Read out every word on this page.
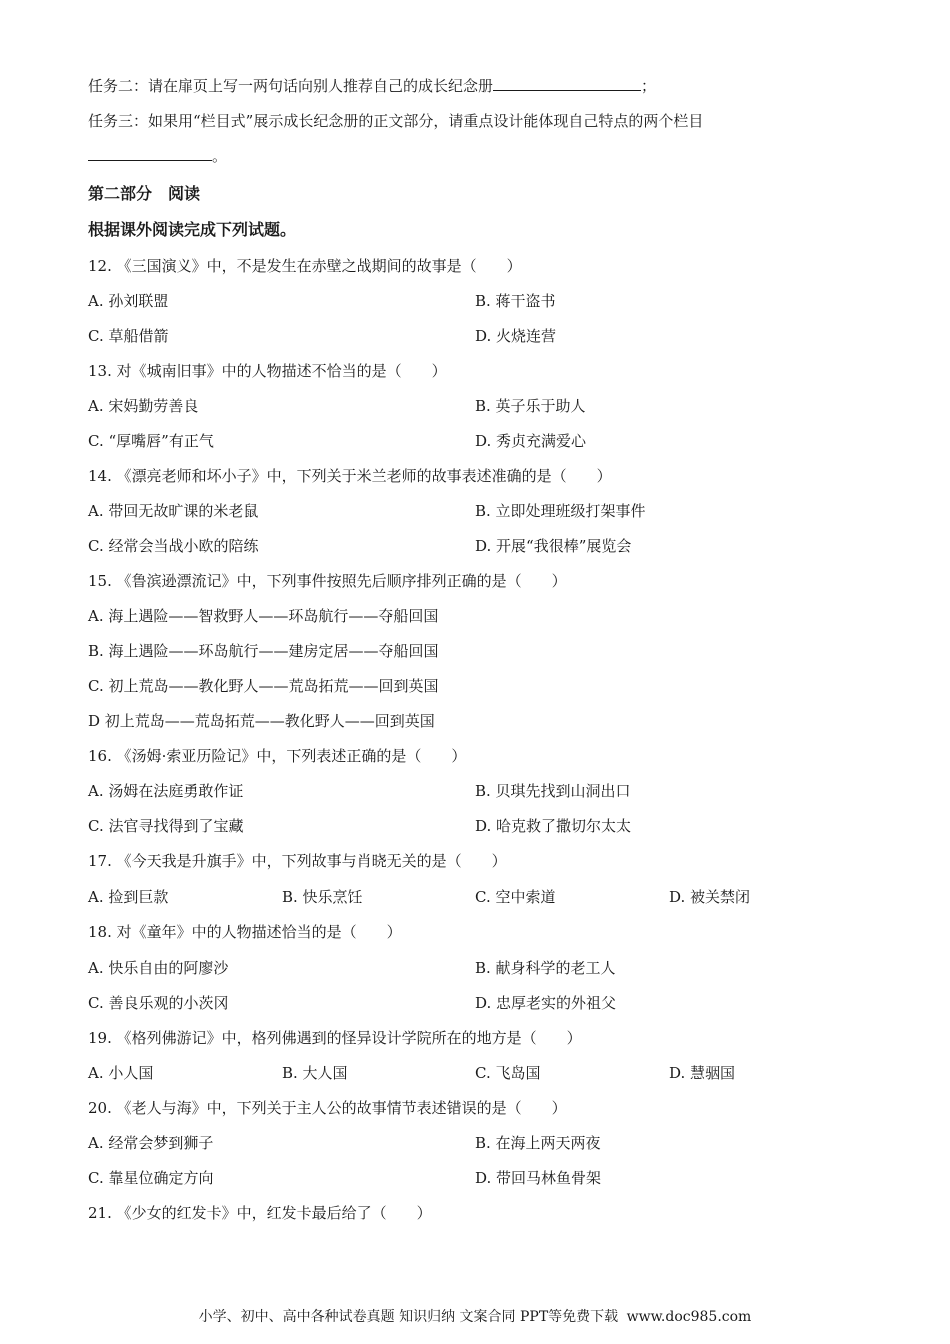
任务二：请在扉页上写一两句话向别人推荐自己的成长纪念册	；
任务三：如果用“栏目式”展示成长纪念册的正文部分，请重点设计能体现自己特点的两个栏目
。
第二部分　阅读
根据课外阅读完成下列试题。
12. 《三国演义》中，不是发生在赤壁之战期间的故事是（　　）
A. 孙刘联盟	B. 蒋干盗书
C. 草船借箭	D. 火烧连营
13. 对《城南旧事》中的人物描述不恰当的是（　　）
A. 宋妈勤劳善良	B. 英子乐于助人
C. “厚嘴唇”有正气	D. 秀贞充满爱心
14. 《漂亮老师和坏小子》中，下列关于米兰老师的故事表述准确的是（　　）
A. 带回无故旷课的米老鼠	B. 立即处理班级打架事件
C. 经常会当战小欧的陪练	D. 开展“我很棒”展览会
15. 《鲁滨逊漂流记》中，下列事件按照先后顺序排列正确的是（　　）
A. 海上遇险——智救野人——环岛航行——夺船回国
B. 海上遇险——环岛航行——建房定居——夺船回国
C. 初上荒岛——教化野人——荒岛拓荒——回到英国
D 初上荒岛——荒岛拓荒——教化野人——回到英国
16. 《汤姆·索亚历险记》中，下列表述正确的是（　　）
A. 汤姆在法庭勇敢作证	B. 贝琪先找到山洞出口
C. 法官寻找得到了宝藏	D. 哈克救了撒切尔太太
17. 《今天我是升旗手》中，下列故事与肖晓无关的是（　　）
A. 捡到巨款	B. 快乐烹饪	C. 空中索道	D. 被关禁闭
18. 对《童年》中的人物描述恰当的是（　　）
A. 快乐自由的阿廖沙	B. 献身科学的老工人
C. 善良乐观的小茨冈	D. 忠厚老实的外祖父
19. 《格列佛游记》中，格列佛遇到的怪异设计学院所在的地方是（　　）
A. 小人国	B. 大人国	C. 飞岛国	D. 慧骃国
20. 《老人与海》中，下列关于主人公的故事情节表述错误的是（　　）
A. 经常会梦到狮子	B. 在海上两天两夜
C. 靠星位确定方向	D. 带回马林鱼骨架
21. 《少女的红发卡》中，红发卡最后给了（　　）
小学、初中、高中各种试卷真题 知识归纳 文案合同 PPT等免费下载 www.doc985.com
